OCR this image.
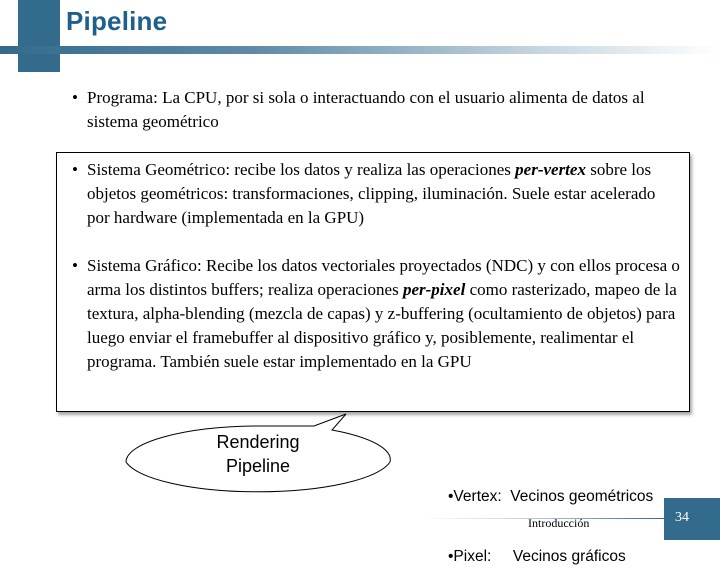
Pipeline
• Programa: La CPU, por si sola o interactuando con el usuario alimenta de datos al sistema geométrico
• Sistema Geométrico: recibe los datos y realiza las operaciones per-vertex sobre los objetos geométricos: transformaciones, clipping, iluminación. Suele estar acelerado por hardware (implementada en la GPU)
• Sistema Gráfico: Recibe los datos vectoriales proyectados (NDC) y con ellos procesa o arma los distintos buffers; realiza operaciones per-pixel como rasterizado, mapeo de la textura, alpha-blending (mezcla de capas) y z-buffering (ocultamiento de objetos) para luego enviar el framebuffer al dispositivo gráfico y, posiblemente, realimentar el programa. También suele estar implementado en la GPU
Rendering
Pipeline

•Vertex:  Vecinos geométricos

•Pixel:     Vecinos gráficos

Introducción	34
